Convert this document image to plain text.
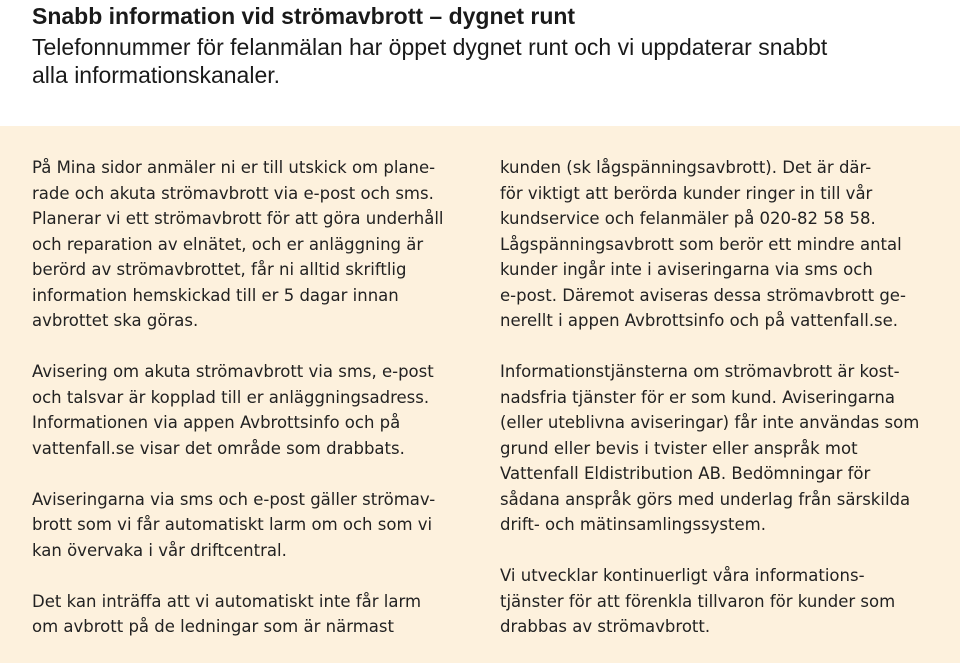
Snabb information vid strömavbrott – dygnet runt

Telefonnummer för felanmälan har öppet dygnet runt och vi uppdaterar snabbt
alla informationskanaler.

På Mina sidor anmäler ni er till utskick om plane-
rade och akuta strömavbrott via e-post och sms.
Planerar vi ett strömavbrott för att göra underhåll
och reparation av elnätet, och er anläggning är
berörd av strömavbrottet, får ni alltid skriftlig
information hemskickad till er 5 dagar innan
avbrottet ska göras.

Avisering om akuta strömavbrott via sms, e-post
och talsvar är kopplad till er anläggningsadress.
Informationen via appen Avbrottsinfo och på
vattenfall.se visar det område som drabbats.

Aviseringarna via sms och e-post gäller strömav-
brott som vi får automatiskt larm om och som vi
kan övervaka i vår driftcentral.

Det kan inträffa att vi automatiskt inte får larm
om avbrott på de ledningar som är närmast

kunden (sk lågspänningsavbrott). Det är där-
för viktigt att berörda kunder ringer in till vår
kundservice och felanmäler på 020-82 58 58.
Lågspänningsavbrott som berör ett mindre antal
kunder ingår inte i aviseringarna via sms och
e-post. Däremot aviseras dessa strömavbrott ge-
nerellt i appen Avbrottsinfo och på vattenfall.se.

Informationstjänsterna om strömavbrott är kost-
nadsfria tjänster för er som kund. Aviseringarna
(eller uteblivna aviseringar) får inte användas som
grund eller bevis i tvister eller anspråk mot
Vattenfall Eldistribution AB. Bedömningar för
sådana anspråk görs med underlag från särskilda
drift- och mätinsamlingssystem.

Vi utvecklar kontinuerligt våra informations-
tjänster för att förenkla tillvaron för kunder som
drabbas av strömavbrott.
